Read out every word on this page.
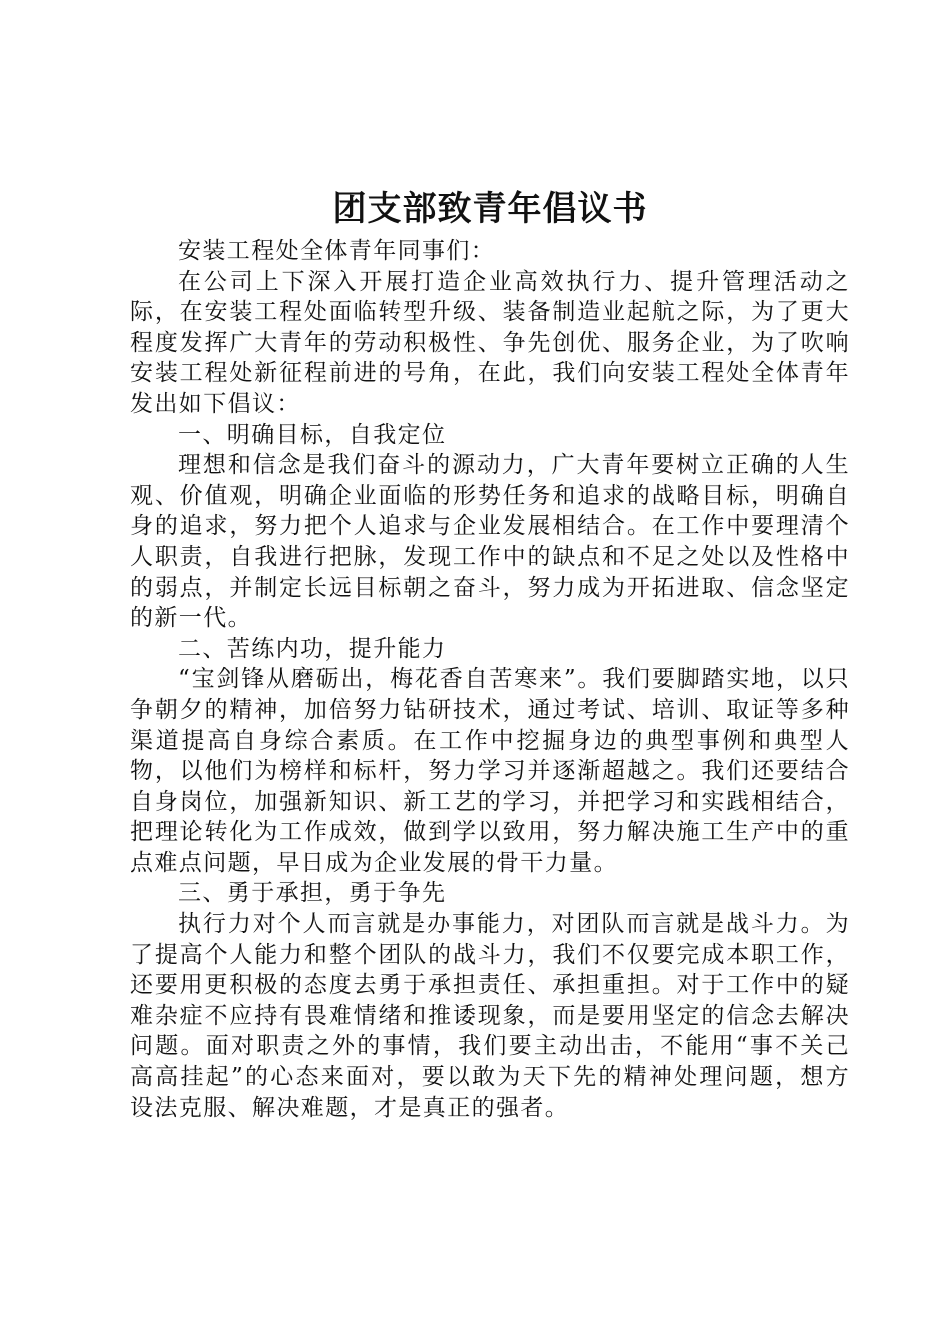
团支部致青年倡议书

安装工程处全体青年同事们：

在公司上下深入开展打造企业高效执行力、提升管理活动之际，在安装工程处面临转型升级、装备制造业起航之际，为了更大程度发挥广大青年的劳动积极性、争先创优、服务企业，为了吹响安装工程处新征程前进的号角，在此，我们向安装工程处全体青年发出如下倡议：

一、明确目标，自我定位

理想和信念是我们奋斗的源动力，广大青年要树立正确的人生观、价值观，明确企业面临的形势任务和追求的战略目标，明确自身的追求，努力把个人追求与企业发展相结合。在工作中要理清个人职责，自我进行把脉，发现工作中的缺点和不足之处以及性格中的弱点，并制定长远目标朝之奋斗，努力成为开拓进取、信念坚定的新一代。

二、苦练内功，提升能力

“宝剑锋从磨砺出，梅花香自苦寒来”。我们要脚踏实地，以只争朝夕的精神，加倍努力钻研技术，通过考试、培训、取证等多种渠道提高自身综合素质。在工作中挖掘身边的典型事例和典型人物，以他们为榜样和标杆，努力学习并逐渐超越之。我们还要结合自身岗位，加强新知识、新工艺的学习，并把学习和实践相结合，把理论转化为工作成效，做到学以致用，努力解决施工生产中的重点难点问题，早日成为企业发展的骨干力量。

三、勇于承担，勇于争先

执行力对个人而言就是办事能力，对团队而言就是战斗力。为了提高个人能力和整个团队的战斗力，我们不仅要完成本职工作，还要用更积极的态度去勇于承担责任、承担重担。对于工作中的疑难杂症不应持有畏难情绪和推诿现象，而是要用坚定的信念去解决问题。面对职责之外的事情，我们要主动出击，不能用“事不关己高高挂起”的心态来面对，要以敢为天下先的精神处理问题，想方设法克服、解决难题，才是真正的强者。
